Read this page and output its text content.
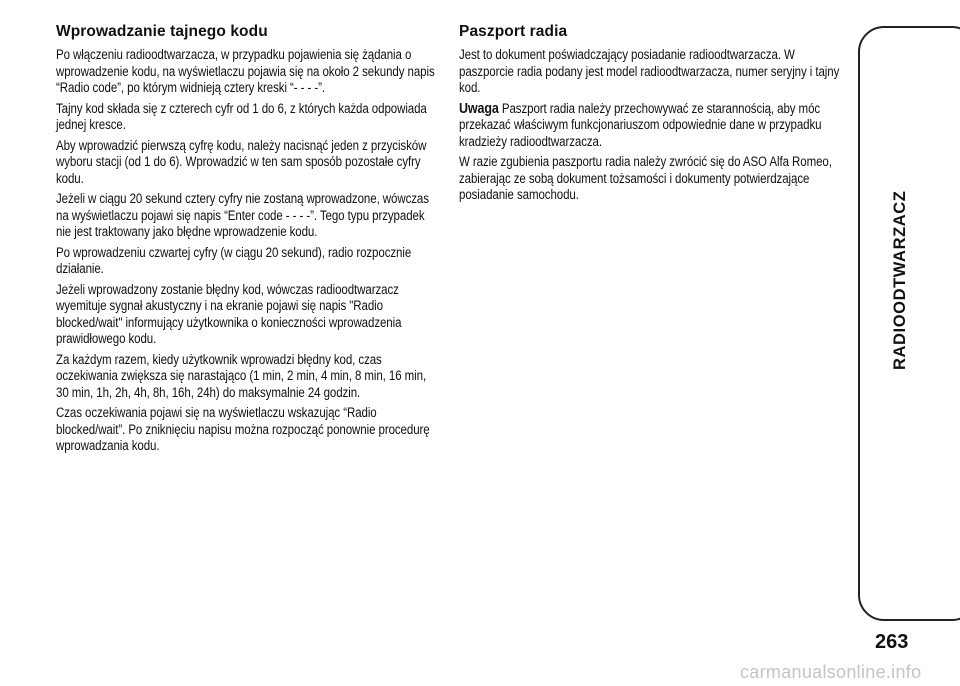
Wprowadzanie tajnego kodu

Po włączeniu radioodtwarzacza, w przypadku pojawienia się żądania o wprowadzenie kodu, na wyświetlaczu pojawia się na około 2 sekundy napis “Radio code”, po którym widnieją cztery kreski “- - - -”.

Tajny kod składa się z czterech cyfr od 1 do 6, z których każda odpowiada jednej kresce.

Aby wprowadzić pierwszą cyfrę kodu, należy nacisnąć jeden z przycisków wyboru stacji (od 1 do 6). Wprowadzić w ten sam sposób pozostałe cyfry kodu.

Jeżeli w ciągu 20 sekund cztery cyfry nie zostaną wprowadzone, wówczas na wyświetlaczu pojawi się napis “Enter code - - - -”. Tego typu przypadek nie jest traktowany jako błędne wprowadzenie kodu.

Po wprowadzeniu czwartej cyfry (w ciągu 20 sekund), radio rozpocznie działanie.

Jeżeli wprowadzony zostanie błędny kod, wówczas radioodtwarzacz wyemituje sygnał akustyczny i na ekranie pojawi się napis "Radio blocked/wait" informujący użytkownika o konieczności wprowadzenia prawidłowego kodu.

Za każdym razem, kiedy użytkownik wprowadzi błędny kod, czas oczekiwania zwiększa się narastająco (1 min, 2 min, 4 min, 8 min, 16 min, 30 min, 1h, 2h, 4h, 8h, 16h, 24h) do maksymalnie 24 godzin.

Czas oczekiwania pojawi się na wyświetlaczu wskazując “Radio blocked/wait”. Po zniknięciu napisu można rozpocząć ponownie procedurę wprowadzania kodu.

Paszport radia

Jest to dokument poświadczający posiadanie radioodtwarzacza. W paszporcie radia podany jest model radioodtwarzacza, numer seryjny i tajny kod.

Uwaga Paszport radia należy przechowywać ze starannością, aby móc przekazać właściwym funkcjonariuszom odpowiednie dane w przypadku kradzieży radioodtwarzacza.

W razie zgubienia paszportu radia należy zwrócić się do ASO Alfa Romeo, zabierając ze sobą dokument tożsamości i dokumenty potwierdzające posiadanie samochodu.	RADIOODTWARZACZ
263
carmanualsonline.info
